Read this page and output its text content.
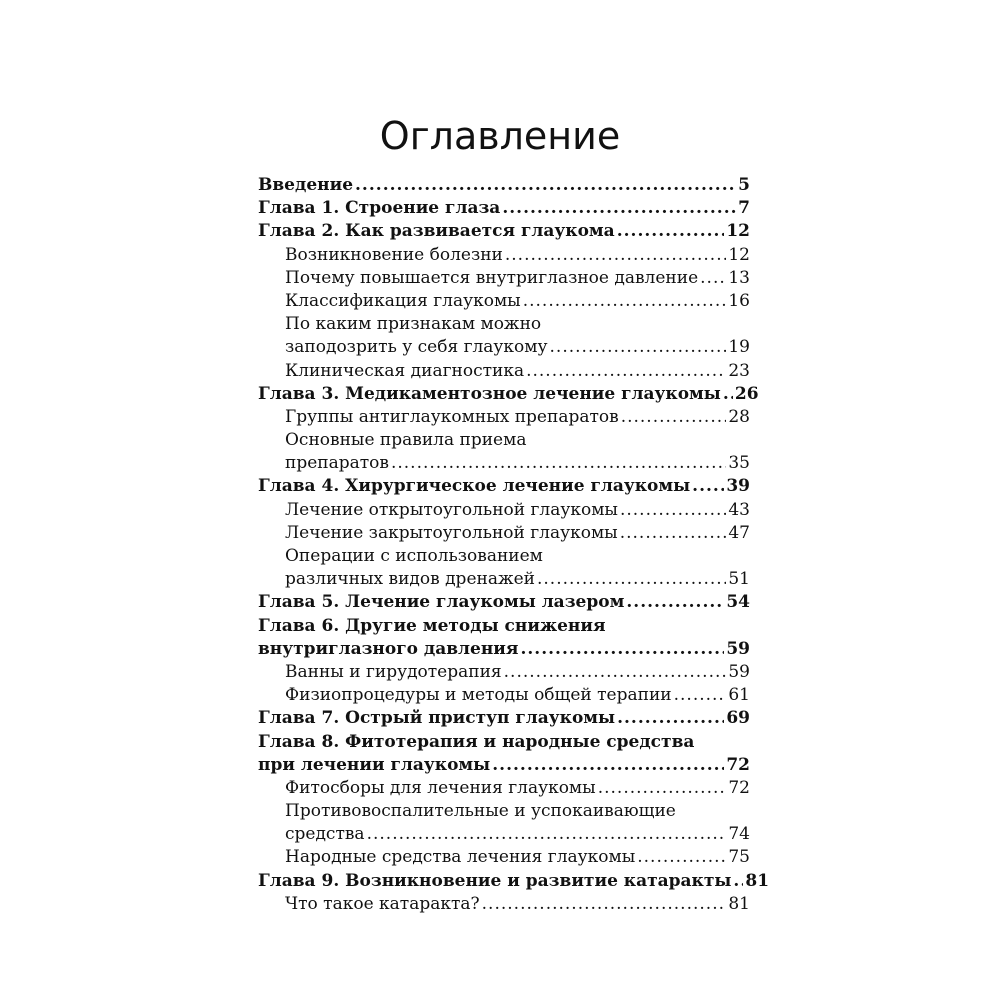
Оглавление
Введение .....	5
Глава 1. Строение глаза .....	7
Глава 2. Как развивается глаукома .....	12
Возникновение болезни .....	12
Почему повышается внутриглазное давление ..... 13
Классификация глаукомы .....	16
По каким признакам можно
заподозрить у себя глаукому .....	19
Клиническая диагностика .....	23
Глава 3. Медикаментозное лечение глаукомы ..... 26
Группы антиглаукомных препаратов .....	28
Основные правила приема
препаратов .....	35
Глава 4. Хирургическое лечение глаукомы ..... 39
Лечение открытоугольной глаукомы .....	43
Лечение закрытоугольной глаукомы .....	47
Операции с использованием
различных видов дренажей .....	51
Глава 5. Лечение глаукомы лазером .....	54
Глава 6. Другие методы снижения
внутриглазного давления .....	59
Ванны и гирудотерапия .....	59
Физиопроцедуры и методы общей терапии .....	61
Глава 7. Острый приступ глаукомы .....	69
Глава 8. Фитотерапия и народные средства
при лечении глаукомы .....	72
Фитосборы для лечения глаукомы .....	72
Противовоспалительные и успокаивающие
средства .....	74
Народные средства лечения глаукомы .....	75
Глава 9. Возникновение и развитие катаракты ..... 81
Что такое катаракта? .....	81
